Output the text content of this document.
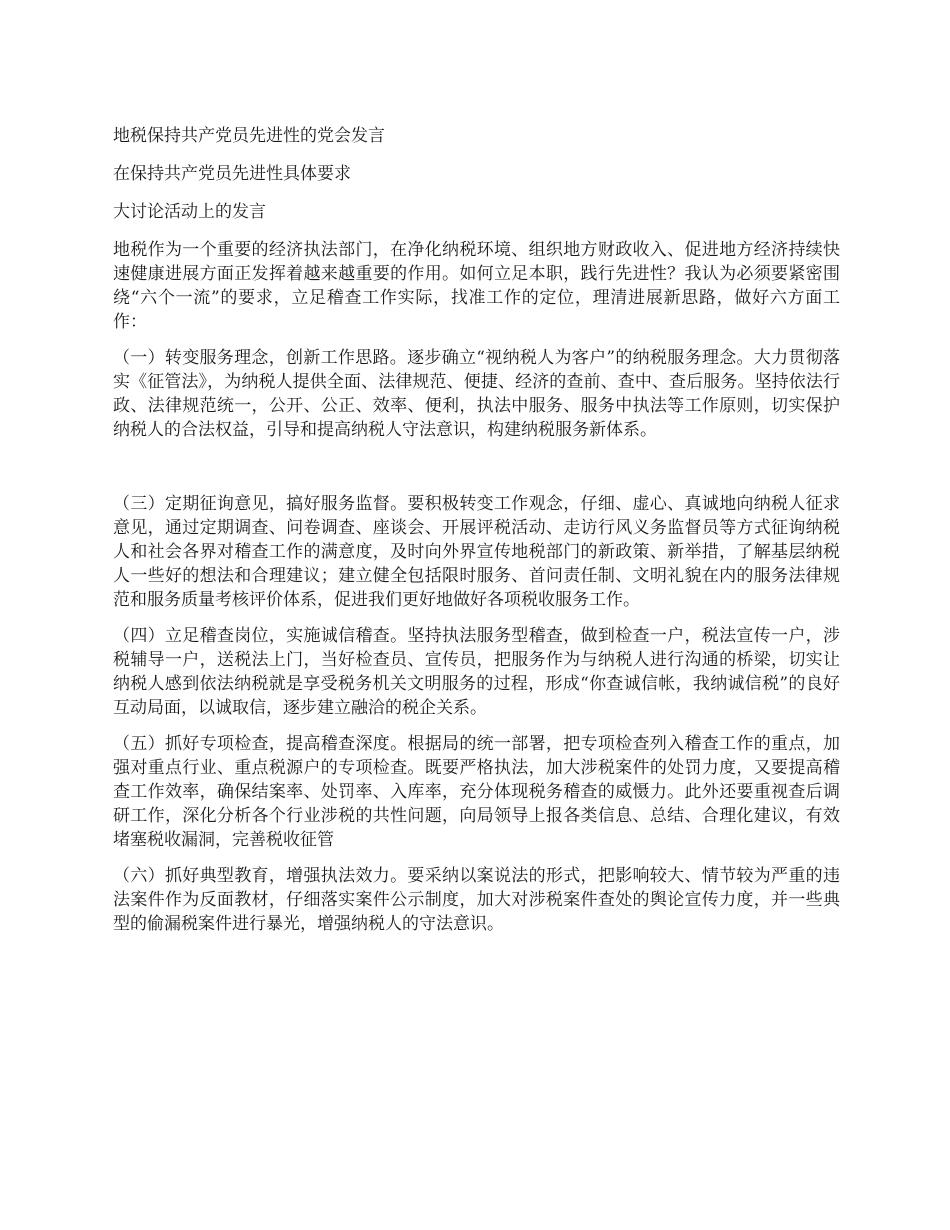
地税保持共产党员先进性的党会发言

在保持共产党员先进性具体要求

大讨论活动上的发言

地税作为一个重要的经济执法部门，在净化纳税环境、组织地方财政收入、促进地方经济持续快速健康进展方面正发挥着越来越重要的作用。如何立足本职，践行先进性？我认为必须要紧密围绕“六个一流”的要求，立足稽查工作实际，找准工作的定位，理清进展新思路，做好六方面工作：

（一）转变服务理念，创新工作思路。逐步确立“视纳税人为客户”的纳税服务理念。大力贯彻落实《征管法》，为纳税人提供全面、法律规范、便捷、经济的查前、查中、查后服务。坚持依法行政、法律规范统一，公开、公正、效率、便利，执法中服务、服务中执法等工作原则，切实保护纳税人的合法权益，引导和提高纳税人守法意识，构建纳税服务新体系。

（三）定期征询意见，搞好服务监督。要积极转变工作观念，仔细、虚心、真诚地向纳税人征求意见，通过定期调查、问卷调查、座谈会、开展评税活动、走访行风义务监督员等方式征询纳税人和社会各界对稽查工作的满意度，及时向外界宣传地税部门的新政策、新举措，了解基层纳税人一些好的想法和合理建议；建立健全包括限时服务、首问责任制、文明礼貌在内的服务法律规范和服务质量考核评价体系，促进我们更好地做好各项税收服务工作。

（四）立足稽查岗位，实施诚信稽查。坚持执法服务型稽查，做到检查一户，税法宣传一户，涉税辅导一户，送税法上门，当好检查员、宣传员，把服务作为与纳税人进行沟通的桥梁，切实让纳税人感到依法纳税就是享受税务机关文明服务的过程，形成“你查诚信帐，我纳诚信税”的良好互动局面，以诚取信，逐步建立融洽的税企关系。

（五）抓好专项检查，提高稽查深度。根据局的统一部署，把专项检查列入稽查工作的重点，加强对重点行业、重点税源户的专项检查。既要严格执法，加大涉税案件的处罚力度，又要提高稽查工作效率，确保结案率、处罚率、入库率，充分体现税务稽查的威慑力。此外还要重视查后调研工作，深化分析各个行业涉税的共性问题，向局领导上报各类信息、总结、合理化建议，有效堵塞税收漏洞，完善税收征管

（六）抓好典型教育，增强执法效力。要采纳以案说法的形式，把影响较大、情节较为严重的违法案件作为反面教材，仔细落实案件公示制度，加大对涉税案件查处的舆论宣传力度，并一些典型的偷漏税案件进行暴光，增强纳税人的守法意识。
